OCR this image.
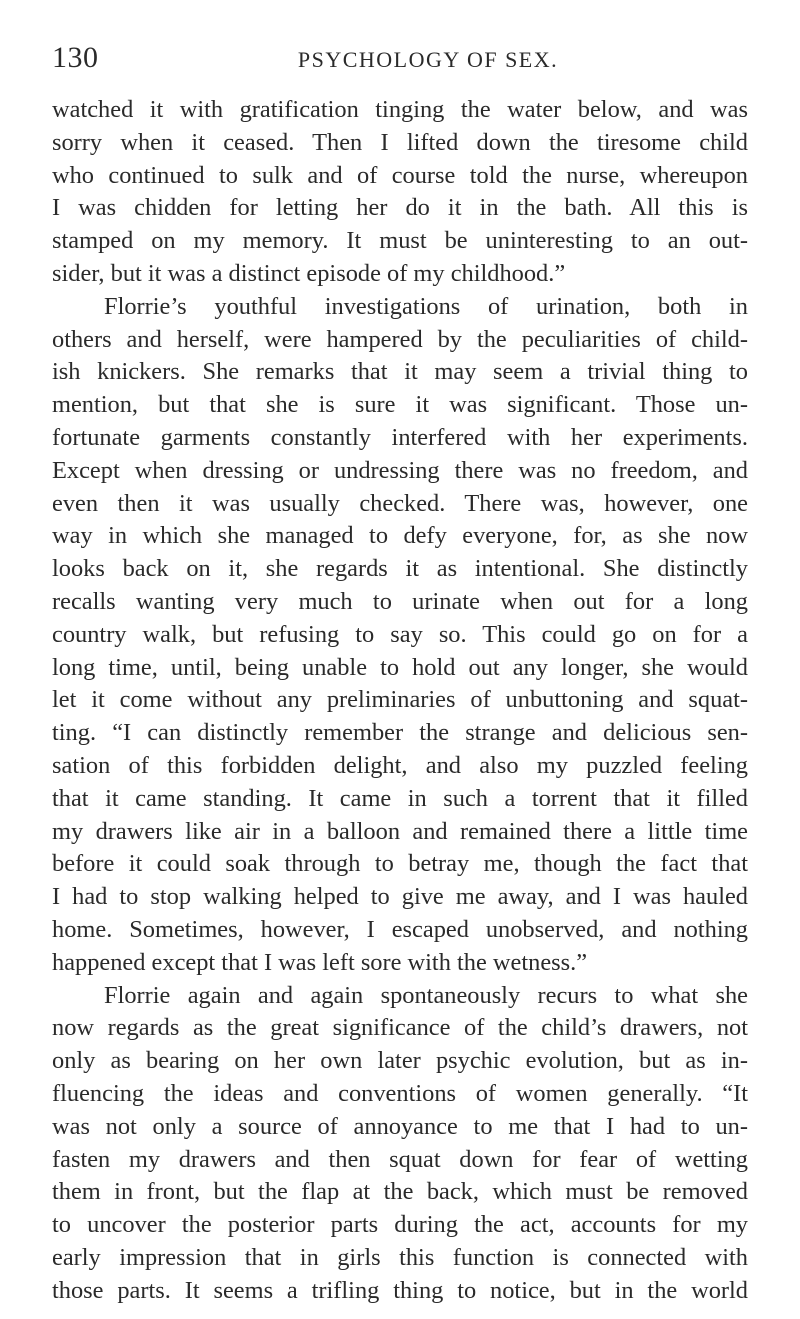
130	PSYCHOLOGY OF SEX.
watched it with gratification tinging the water below, and was
sorry when it ceased. Then I lifted down the tiresome child
who continued to sulk and of course told the nurse, whereupon
I was chidden for letting her do it in the bath. All this is
stamped on my memory. It must be uninteresting to an out-
sider, but it was a distinct episode of my childhood.”
Florrie’s youthful investigations of urination, both in
others and herself, were hampered by the peculiarities of child-
ish knickers. She remarks that it may seem a trivial thing to
mention, but that she is sure it was significant. Those un-
fortunate garments constantly interfered with her experiments.
Except when dressing or undressing there was no freedom, and
even then it was usually checked. There was, however, one
way in which she managed to defy everyone, for, as she now
looks back on it, she regards it as intentional. She distinctly
recalls wanting very much to urinate when out for a long
country walk, but refusing to say so. This could go on for a
long time, until, being unable to hold out any longer, she would
let it come without any preliminaries of unbuttoning and squat-
ting. “I can distinctly remember the strange and delicious sen-
sation of this forbidden delight, and also my puzzled feeling
that it came standing. It came in such a torrent that it filled
my drawers like air in a balloon and remained there a little time
before it could soak through to betray me, though the fact that
I had to stop walking helped to give me away, and I was hauled
home. Sometimes, however, I escaped unobserved, and nothing
happened except that I was left sore with the wetness.”
Florrie again and again spontaneously recurs to what she
now regards as the great significance of the child’s drawers, not
only as bearing on her own later psychic evolution, but as in-
fluencing the ideas and conventions of women generally. “It
was not only a source of annoyance to me that I had to un-
fasten my drawers and then squat down for fear of wetting
them in front, but the flap at the back, which must be removed
to uncover the posterior parts during the act, accounts for my
early impression that in girls this function is connected with
those parts. It seems a trifling thing to notice, but in the world
